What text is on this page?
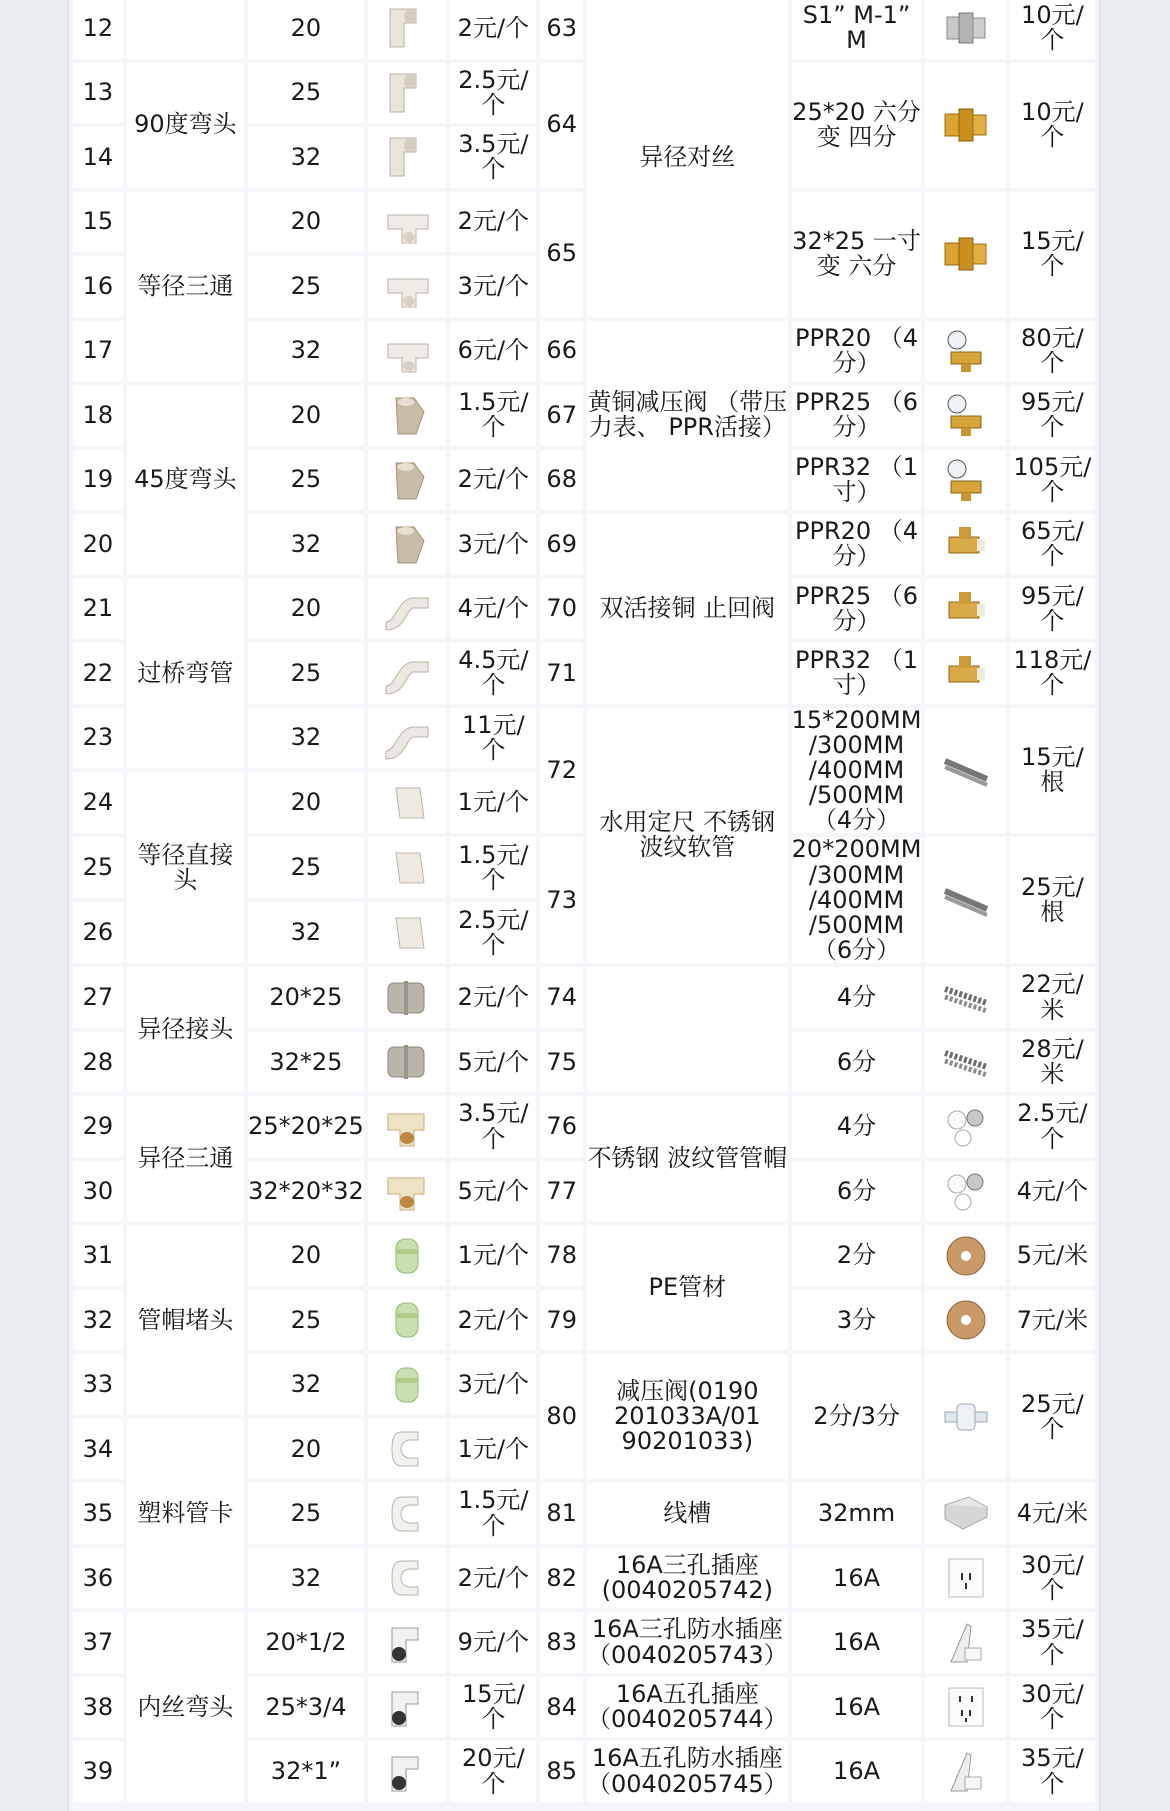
12		20		2元/个	63	异径对丝	S1” M-1” M		10元/个
13	90度弯头	25		2.5元/个	64		25*20 六分变 四分		10元/个
14		32		3.5元/个					
15	等径三通	20		2元/个	65		32*25 一寸变 六分		15元/个
16		25		3元/个					
17		32		6元/个	66	黄铜减压阀 （带压力表、 PPR活接）	PPR20 （4分）		80元/个
18	45度弯头	20		1.5元/个	67		PPR25 （6分）		95元/个
19		25		2元/个	68		PPR32 （1寸）		105元/个
20		32		3元/个	69	双活接铜 止回阀	PPR20 （4分）		65元/个
21	过桥弯管	20		4元/个	70		PPR25 （6分）		95元/个
22		25		4.5元/个	71		PPR32 （1寸）		118元/个
23		32		11元/个	72	水用定尺 不锈钢 波纹软管	15*200MM /300MM /400MM /500MM （4分）		15元/根
24	等径直接头	20		1元/个					
25		25		1.5元/个	73		20*200MM /300MM /400MM /500MM （6分）		25元/根
26		32		2.5元/个					
27	异径接头	20*25		2元/个	74		4分		22元/米
28		32*25		5元/个	75		6分		28元/米
29	异径三通	25*20*25		3.5元/个	76	不锈钢 波纹管管帽	4分		2.5元/个
30		32*20*32		5元/个	77		6分		4元/个
31	管帽堵头	20		1元/个	78	PE管材	2分		5元/米
32		25		2元/个	79		3分		7元/米
33		32		3元/个	80	减压阀(0190 201033A/01 90201033)	2分/3分		25元/个
34	塑料管卡	20		1元/个					
35		25		1.5元/个	81	线槽	32mm		4元/米
36		32		2元/个	82	16A三孔插座 (0040205742)	16A		30元/个
37	内丝弯头	20*1/2		9元/个	83	16A三孔防水插座 （0040205743）	16A		35元/个
38		25*3/4		15元/个	84	16A五孔插座 （0040205744）	16A		30元/个
39		32*1”		20元/个	85	16A五孔防水插座 （0040205745）	16A		35元/个
